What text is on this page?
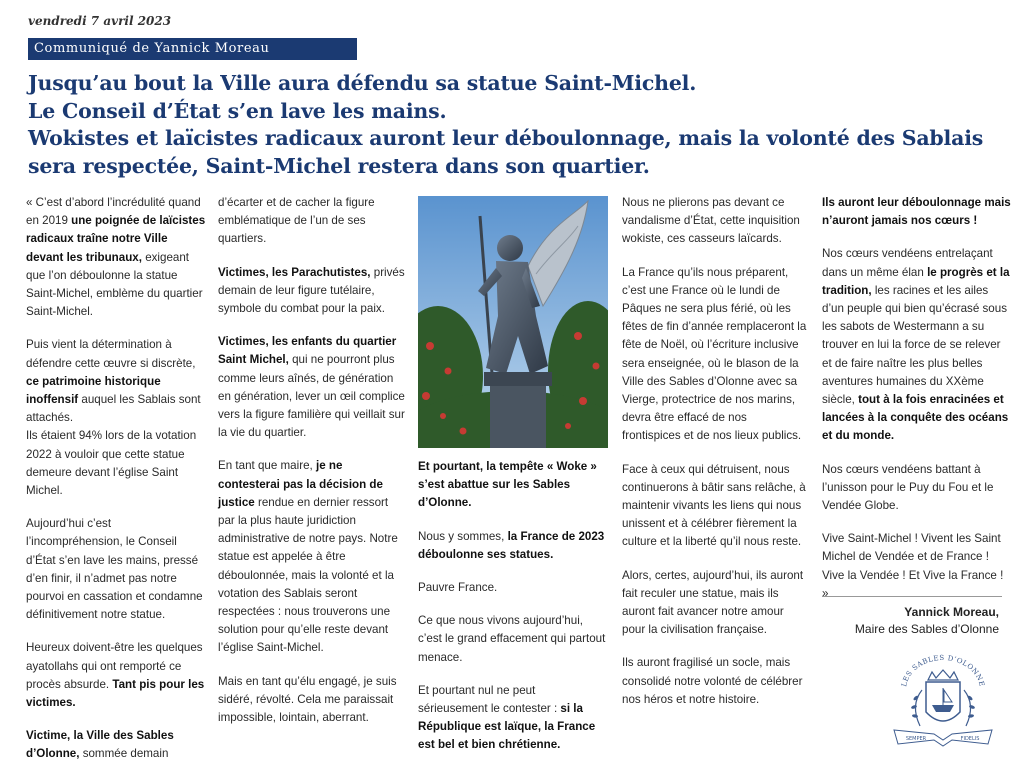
vendredi 7 avril 2023
Communiqué de Yannick Moreau
Jusqu’au bout la Ville aura défendu sa statue Saint-Michel.
Le Conseil d’État s’en lave les mains.
Wokistes et laïcistes radicaux auront leur déboulonnage, mais la volonté des Sablais sera respectée, Saint-Michel restera dans son quartier.

« C’est d’abord l’incrédulité quand en 2019 une poignée de laïcistes radicaux traîne notre Ville devant les tribunaux, exigeant que l’on déboulonne la statue Saint-Michel, emblème du quartier Saint-Michel.

Puis vient la détermination à défendre cette œuvre si discrète, ce patrimoine historique inoffensif auquel les Sablais sont attachés.

Ils étaient 94% lors de la votation 2022 à vouloir que cette statue demeure devant l’église Saint Michel.

Aujourd’hui c’est l’incompréhension, le Conseil d’État s’en lave les mains, pressé d’en finir, il n’admet pas notre pourvoi en cassation et condamne définitivement notre statue.

Heureux doivent-être les quelques ayatollahs qui ont remporté ce procès absurde. Tant pis pour les victimes.

Victime, la Ville des Sables d’Olonne, sommée demain

d’écarter et de cacher la figure emblématique de l’un de ses quartiers.

Victimes, les Parachutistes, privés demain de leur figure tutélaire, symbole du combat pour la paix.

Victimes, les enfants du quartier Saint Michel, qui ne pourront plus comme leurs aînés, de génération en génération, lever un œil complice vers la figure familière qui veillait sur la vie du quartier.

En tant que maire, je ne contesterai pas la décision de justice rendue en dernier ressort par la plus haute juridiction administrative de notre pays. Notre statue est appelée à être déboulonnée, mais la volonté et la votation des Sablais seront respectées : nous trouverons une solution pour qu’elle reste devant l’église Saint-Michel.

Mais en tant qu’élu engagé, je suis sidéré, révolté. Cela me paraissait impossible, lointain, aberrant.

Et pourtant, la tempête « Woke » s’est abattue sur les Sables d’Olonne.

Nous y sommes, la France de 2023 déboulonne ses statues.

Pauvre France.

Ce que nous vivons aujourd’hui, c’est le grand effacement qui partout menace.

Et pourtant nul ne peut sérieusement le contester : si la République est laïque, la France est bel et bien chrétienne.

Nous ne plierons pas devant ce vandalisme d’État, cette inquisition wokiste, ces casseurs laïcards.

La France qu’ils nous préparent, c’est une France où le lundi de Pâques ne sera plus férié, où les fêtes de fin d’année remplaceront la fête de Noël, où l’écriture inclusive sera enseignée, où le blason de la Ville des Sables d’Olonne avec sa Vierge, protectrice de nos marins, devra être effacé de nos frontispices et de nos lieux publics.

Face à ceux qui détruisent, nous continuerons à bâtir sans relâche, à maintenir vivants les liens qui nous unissent et à célébrer fièrement la culture et la liberté qu’il nous reste.

Alors, certes, aujourd’hui, ils auront fait reculer une statue, mais ils auront fait avancer notre amour pour la civilisation française.

Ils auront fragilisé un socle, mais consolidé notre volonté de célébrer nos héros et notre histoire.

Ils auront leur déboulonnage mais n’auront jamais nos cœurs !

Nos cœurs vendéens entrelaçant dans un même élan le progrès et la tradition, les racines et les ailes d’un peuple qui bien qu’écrasé sous les sabots de Westermann a su trouver en lui la force de se relever et de faire naître les plus belles aventures humaines du XXème siècle, tout à la fois enracinées et lancées à la conquête des océans et du monde.

Nos cœurs vendéens battant à l’unisson pour le Puy du Fou et le Vendée Globe.

Vive Saint-Michel ! Vivent les Saint Michel de Vendée et de France ! Vive la Vendée ! Et Vive la France ! »

Yannick Moreau,
Maire des Sables d’Olonne
LES SABLES D’OLONNE
SEMPER	FIDELIS
